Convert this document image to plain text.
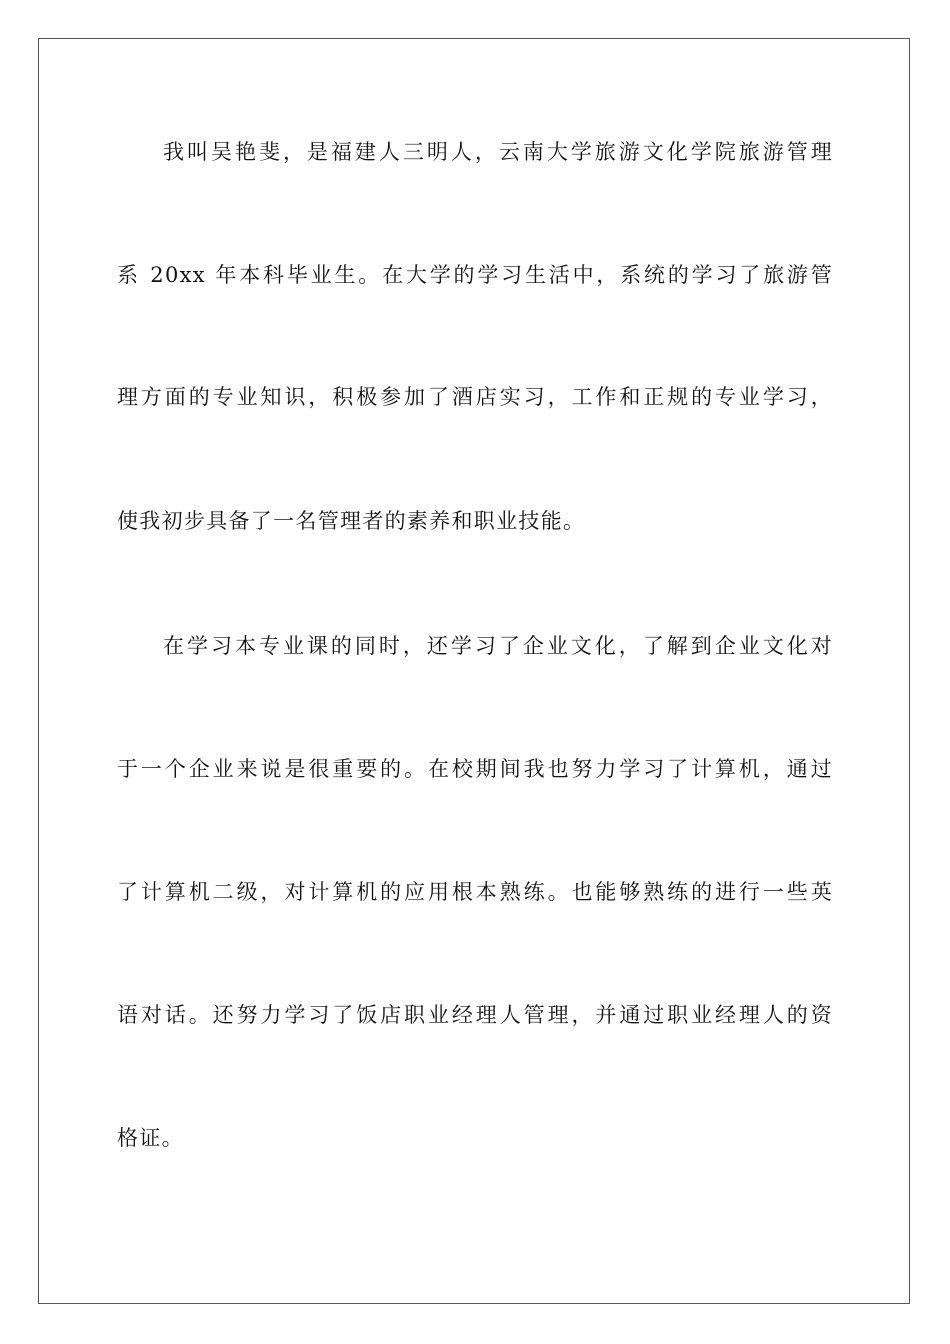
我叫吴艳斐，是福建人三明人，云南大学旅游文化学院旅游管理
系 20xx 年本科毕业生。在大学的学习生活中，系统的学习了旅游管
理方面的专业知识，积极参加了酒店实习，工作和正规的专业学习，
使我初步具备了一名管理者的素养和职业技能。
在学习本专业课的同时，还学习了企业文化，了解到企业文化对
于一个企业来说是很重要的。在校期间我也努力学习了计算机，通过
了计算机二级，对计算机的应用根本熟练。也能够熟练的进行一些英
语对话。还努力学习了饭店职业经理人管理，并通过职业经理人的资
格证。
